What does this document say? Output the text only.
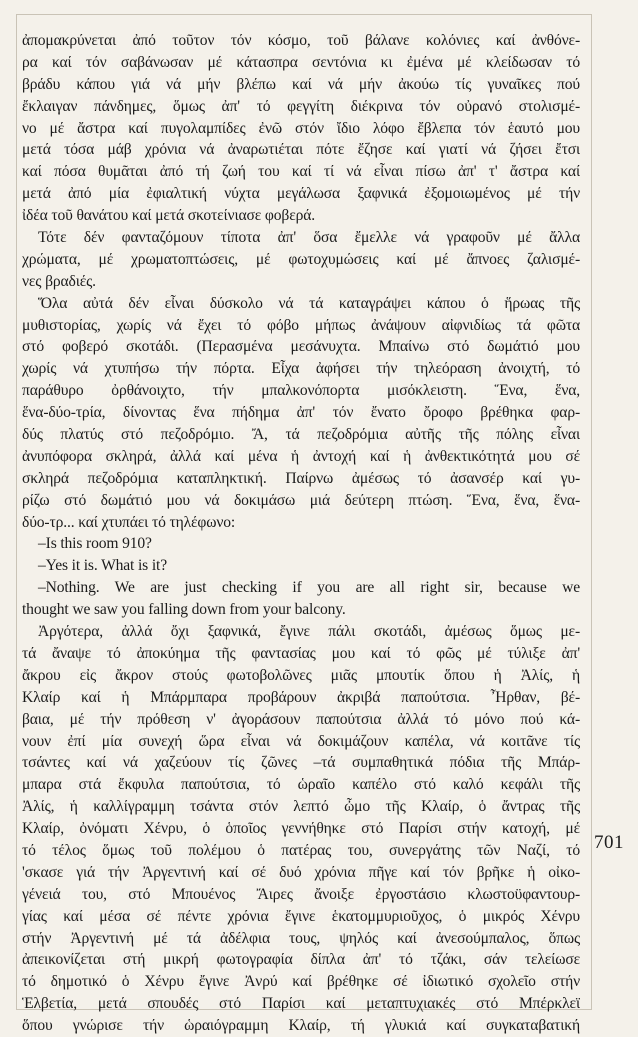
ἀπομακρύνεται ἀπό τοῦτον τόν κόσμο, τοῦ βάλανε κολόνιες καί ἀνθόνε-
ρα καί τόν σαβάνωσαν μέ κάτασπρα σεντόνια κι ἐμένα μέ κλείδωσαν τό
βράδυ κάπου γιά νά μήν βλέπω καί νά μήν ἀκούω τίς γυναῖκες πού
ἔκλαιγαν πάνδημες, ὅμως ἀπ' τό φεγγίτη διέκρινα τόν οὐρανό στολισμέ-
νο μέ ἄστρα καί πυγολαμπίδες ἐνῶ στόν ἴδιο λόφο ἔβλεπα τόν ἑαυτό μου
μετά τόσα μάβ χρόνια νά ἀναρωτιέται πότε ἔζησε καί γιατί νά ζήσει ἔτσι
καί πόσα θυμᾶται ἀπό τή ζωή του καί τί νά εἶναι πίσω ἀπ' τ' ἄστρα καί
μετά ἀπό μία ἐφιαλτική νύχτα μεγάλωσα ξαφνικά ἐξομοιωμένος μέ τήν
ἰδέα τοῦ θανάτου καί μετά σκοτείνιασε φοβερά.
Τότε δέν φανταζόμουν τίποτα ἀπ' ὅσα ἔμελλε νά γραφοῦν μέ ἄλλα
χρώματα, μέ χρωματοπτώσεις, μέ φωτοχυμώσεις καί μέ ἄπνοες ζαλισμέ-
νες βραδιές.
Ὅλα αὐτά δέν εἶναι δύσκολο νά τά καταγράψει κάπου ὁ ἥρωας τῆς
μυθιστορίας, χωρίς νά ἔχει τό φόβο μήπως ἀνάψουν αἰφνιδίως τά φῶτα
στό φοβερό σκοτάδι. (Περασμένα μεσάνυχτα. Μπαίνω στό δωμάτιό μου
χωρίς νά χτυπήσω τήν πόρτα. Εἶχα ἀφήσει τήν τηλεόραση ἀνοιχτή, τό
παράθυρο ὀρθάνοιχτο, τήν μπαλκονόπορτα μισόκλειστη. Ἕνα, ἕνα,
ἕνα-δύο-τρία, δίνοντας ἕνα πήδημα ἀπ' τόν ἔνατο ὄροφο βρέθηκα φαρ-
δύς πλατύς στό πεζοδρόμιο. Ἄ, τά πεζοδρόμια αὐτῆς τῆς πόλης εἶναι
ἀνυπόφορα σκληρά, ἀλλά καί μένα ἡ ἀντοχή καί ἡ ἀνθεκτικότητά μου σέ
σκληρά πεζοδρόμια καταπληκτική. Παίρνω ἀμέσως τό ἀσανσέρ καί γυ-
ρίζω στό δωμάτιό μου νά δοκιμάσω μιά δεύτερη πτώση. Ἕνα, ἕνα, ἕνα-
δύο-τρ... καί χτυπάει τό τηλέφωνο:
–Is this room 910?
–Yes it is. What is it?
–Nothing. We are just checking if you are all right sir, because we
thought we saw you falling down from your balcony.
Ἀργότερα, ἀλλά ὄχι ξαφνικά, ἔγινε πάλι σκοτάδι, ἀμέσως ὅμως με-
τά ἄναψε τό ἀποκύημα τῆς φαντασίας μου καί τό φῶς μέ τύλιξε ἀπ'
ἄκρου εἰς ἄκρον στούς φωτοβολῶνες μιᾶς μπουτίκ ὅπου ἡ Ἀλίς, ἡ
Κλαίρ καί ἡ Μπάρμπαρα προβάρουν ἀκριβά παπούτσια. Ἦρθαν, βέ-
βαια, μέ τήν πρόθεση ν' ἀγοράσουν παπούτσια ἀλλά τό μόνο πού κά-
νουν ἐπί μία συνεχή ὥρα εἶναι νά δοκιμάζουν καπέλα, νά κοιτᾶνε τίς
τσάντες καί νά χαζεύουν τίς ζῶνες –τά συμπαθητικά πόδια τῆς Μπάρ-
μπαρα στά ἔκφυλα παπούτσια, τό ὡραῖο καπέλο στό καλό κεφάλι τῆς
Ἀλίς, ἡ καλλίγραμμη τσάντα στόν λεπτό ὦμο τῆς Κλαίρ, ὁ ἄντρας τῆς
Κλαίρ, ὀνόματι Χένρυ, ὁ ὁποῖος γεννήθηκε στό Παρίσι στήν κατοχή, μέ
τό τέλος ὅμως τοῦ πολέμου ὁ πατέρας του, συνεργάτης τῶν Ναζί, τό
'σκασε γιά τήν Ἀργεντινή καί σέ δυό χρόνια πῆγε καί τόν βρῆκε ἡ οἰκο-
γένειά του, στό Μπουένος Ἄιρες ἄνοιξε ἐργοστάσιο κλωστοϋφαντουρ-
γίας καί μέσα σέ πέντε χρόνια ἔγινε ἑκατομμυριοῦχος, ὁ μικρός Χένρυ
στήν Ἀργεντινή μέ τά ἀδέλφια τους, ψηλός καί ἀνεσούμπαλος, ὅπως
ἀπεικονίζεται στή μικρή φωτογραφία δίπλα ἀπ' τό τζάκι, σάν τελείωσε
τό δημοτικό ὁ Χένρυ ἔγινε Ἀνρύ καί βρέθηκε σέ ἰδιωτικό σχολεῖο στήν
Ἑλβετία, μετά σπουδές στό Παρίσι καί μεταπτυχιακές στό Μπέρκλεϊ
ὅπου γνώρισε τήν ὡραιόγραμμη Κλαίρ, τή γλυκιά καί συγκαταβατική
701
